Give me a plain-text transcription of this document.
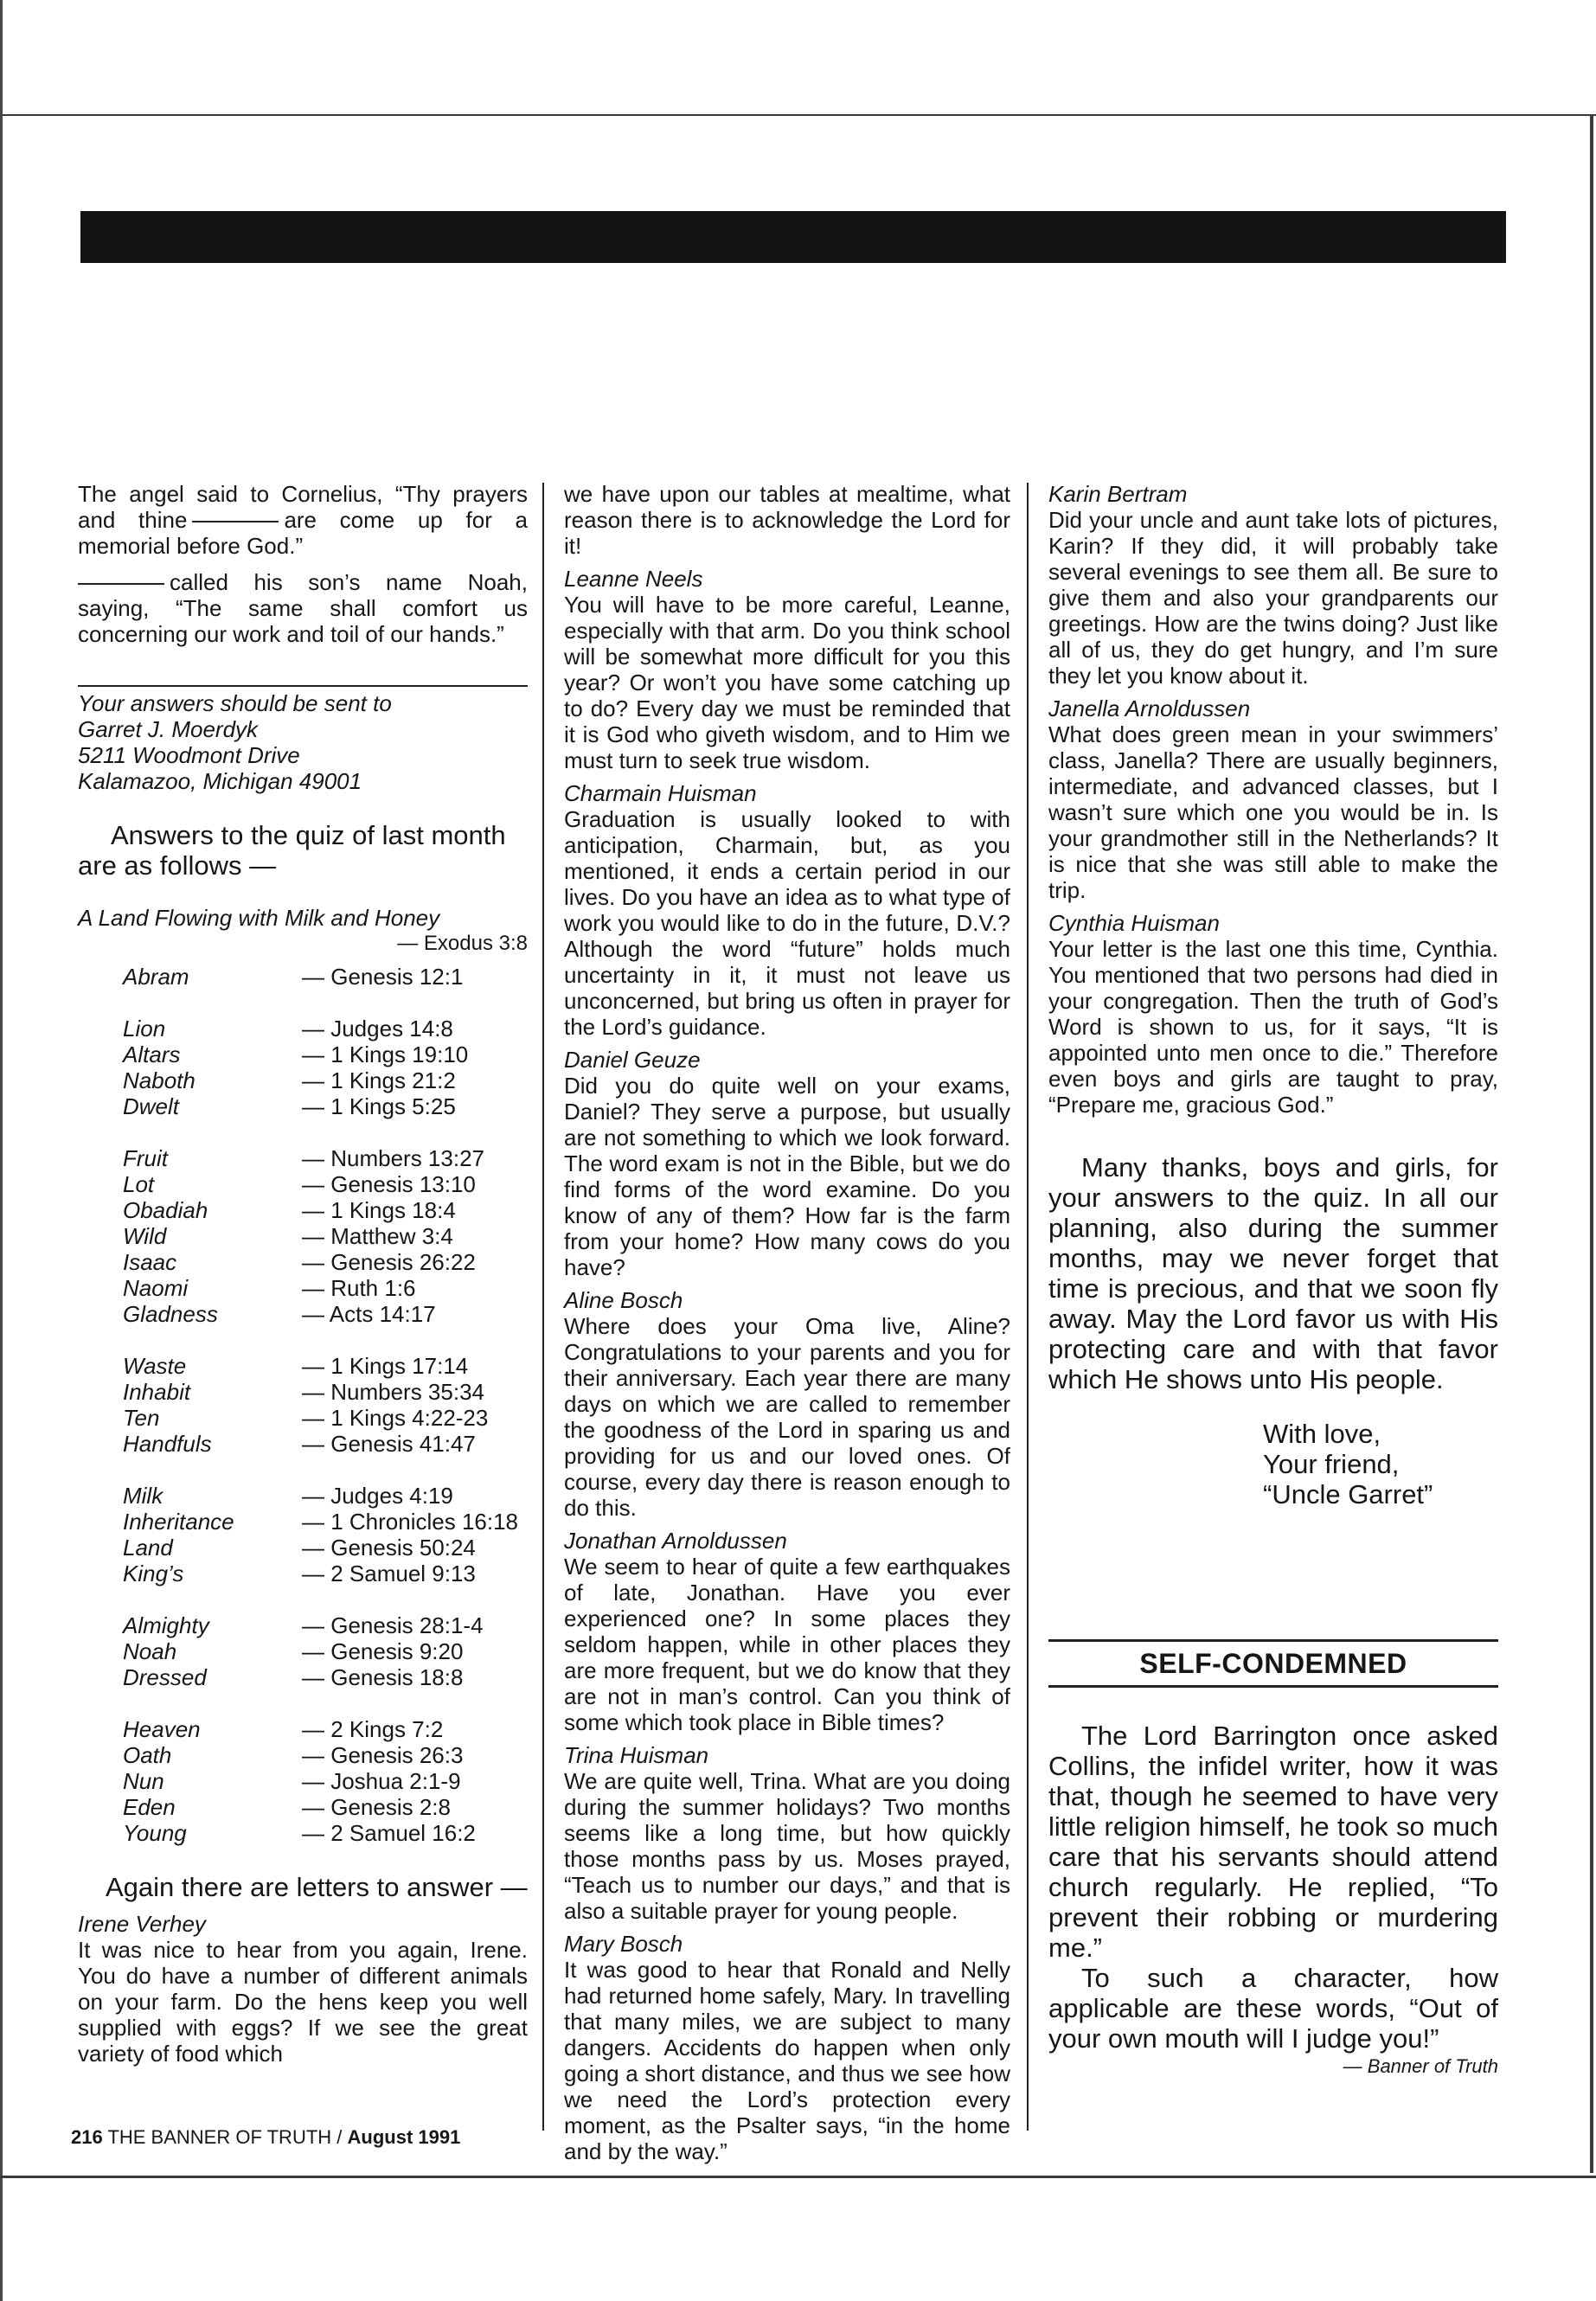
The angel said to Cornelius, “Thy prayers and thine	are come up for a memorial before God.”

called his son’s name Noah, saying, “The same shall comfort us concerning our work and toil of our hands.”

Your answers should be sent to

Garret J. Moerdyk

5211 Woodmont Drive

Kalamazoo, Michigan 49001

Answers to the quiz of last month are as follows —

A Land Flowing with Milk and Honey

— Exodus 3:8

Abram	— Genesis 12:1
Lion	— Judges 14:8
Altars	— 1 Kings 19:10
Naboth	— 1 Kings 21:2
Dwelt	— 1 Kings 5:25
Fruit	— Numbers 13:27
Lot	— Genesis 13:10
Obadiah	— 1 Kings 18:4
Wild	— Matthew 3:4
Isaac	— Genesis 26:22
Naomi	— Ruth 1:6
Gladness	— Acts 14:17
Waste	— 1 Kings 17:14
Inhabit	— Numbers 35:34
Ten	— 1 Kings 4:22-23
Handfuls	— Genesis 41:47
Milk	— Judges 4:19
Inheritance	— 1 Chronicles 16:18
Land	— Genesis 50:24
King’s	— 2 Samuel 9:13
Almighty	— Genesis 28:1-4
Noah	— Genesis 9:20
Dressed	— Genesis 18:8
Heaven	— 2 Kings 7:2
Oath	— Genesis 26:3
Nun	— Joshua 2:1-9
Eden	— Genesis 2:8
Young	— 2 Samuel 16:2

Again there are letters to answer —

Irene Verhey

It was nice to hear from you again, Irene. You do have a number of different animals on your farm. Do the hens keep you well supplied with eggs? If we see the great variety of food which

we have upon our tables at mealtime, what reason there is to acknowledge the Lord for it!

Leanne Neels

You will have to be more careful, Leanne, especially with that arm. Do you think school will be somewhat more difficult for you this year? Or won’t you have some catching up to do? Every day we must be reminded that it is God who giveth wisdom, and to Him we must turn to seek true wisdom.

Charmain Huisman

Graduation is usually looked to with anticipation, Charmain, but, as you mentioned, it ends a certain period in our lives. Do you have an idea as to what type of work you would like to do in the future, D.V.? Although the word “future” holds much uncertainty in it, it must not leave us unconcerned, but bring us often in prayer for the Lord’s guidance.

Daniel Geuze

Did you do quite well on your exams, Daniel? They serve a purpose, but usually are not something to which we look forward. The word exam is not in the Bible, but we do find forms of the word examine. Do you know of any of them? How far is the farm from your home? How many cows do you have?

Aline Bosch

Where does your Oma live, Aline? Congratulations to your parents and you for their anniversary. Each year there are many days on which we are called to remember the goodness of the Lord in sparing us and providing for us and our loved ones. Of course, every day there is reason enough to do this.

Jonathan Arnoldussen

We seem to hear of quite a few earthquakes of late, Jonathan. Have you ever experienced one? In some places they seldom happen, while in other places they are more frequent, but we do know that they are not in man’s control. Can you think of some which took place in Bible times?

Trina Huisman

We are quite well, Trina. What are you doing during the summer holidays? Two months seems like a long time, but how quickly those months pass by us. Moses prayed, “Teach us to number our days,” and that is also a suitable prayer for young people.

Mary Bosch

It was good to hear that Ronald and Nelly had returned home safely, Mary. In travelling that many miles, we are subject to many dangers. Accidents do happen when only going a short distance, and thus we see how we need the Lord’s protection every moment, as the Psalter says, “in the home and by the way.”

Karin Bertram

Did your uncle and aunt take lots of pictures, Karin? If they did, it will probably take several evenings to see them all. Be sure to give them and also your grandparents our greetings. How are the twins doing? Just like all of us, they do get hungry, and I’m sure they let you know about it.

Janella Arnoldussen

What does green mean in your swimmers’ class, Janella? There are usually beginners, intermediate, and advanced classes, but I wasn’t sure which one you would be in. Is your grandmother still in the Netherlands? It is nice that she was still able to make the trip.

Cynthia Huisman

Your letter is the last one this time, Cynthia. You mentioned that two persons had died in your congregation. Then the truth of God’s Word is shown to us, for it says, “It is appointed unto men once to die.” Therefore even boys and girls are taught to pray, “Prepare me, gracious God.”

Many thanks, boys and girls, for your answers to the quiz. In all our planning, also during the summer months, may we never forget that time is precious, and that we soon fly away. May the Lord favor us with His protecting care and with that favor which He shows unto His people.

With love,

Your friend,

“Uncle Garret”

SELF-CONDEMNED

The Lord Barrington once asked Collins, the infidel writer, how it was that, though he seemed to have very little religion himself, he took so much care that his servants should attend church regularly. He replied, “To prevent their robbing or murdering me.”

To such a character, how applicable are these words, “Out of your own mouth will I judge you!”

— Banner of Truth

216 THE BANNER OF TRUTH / August 1991
